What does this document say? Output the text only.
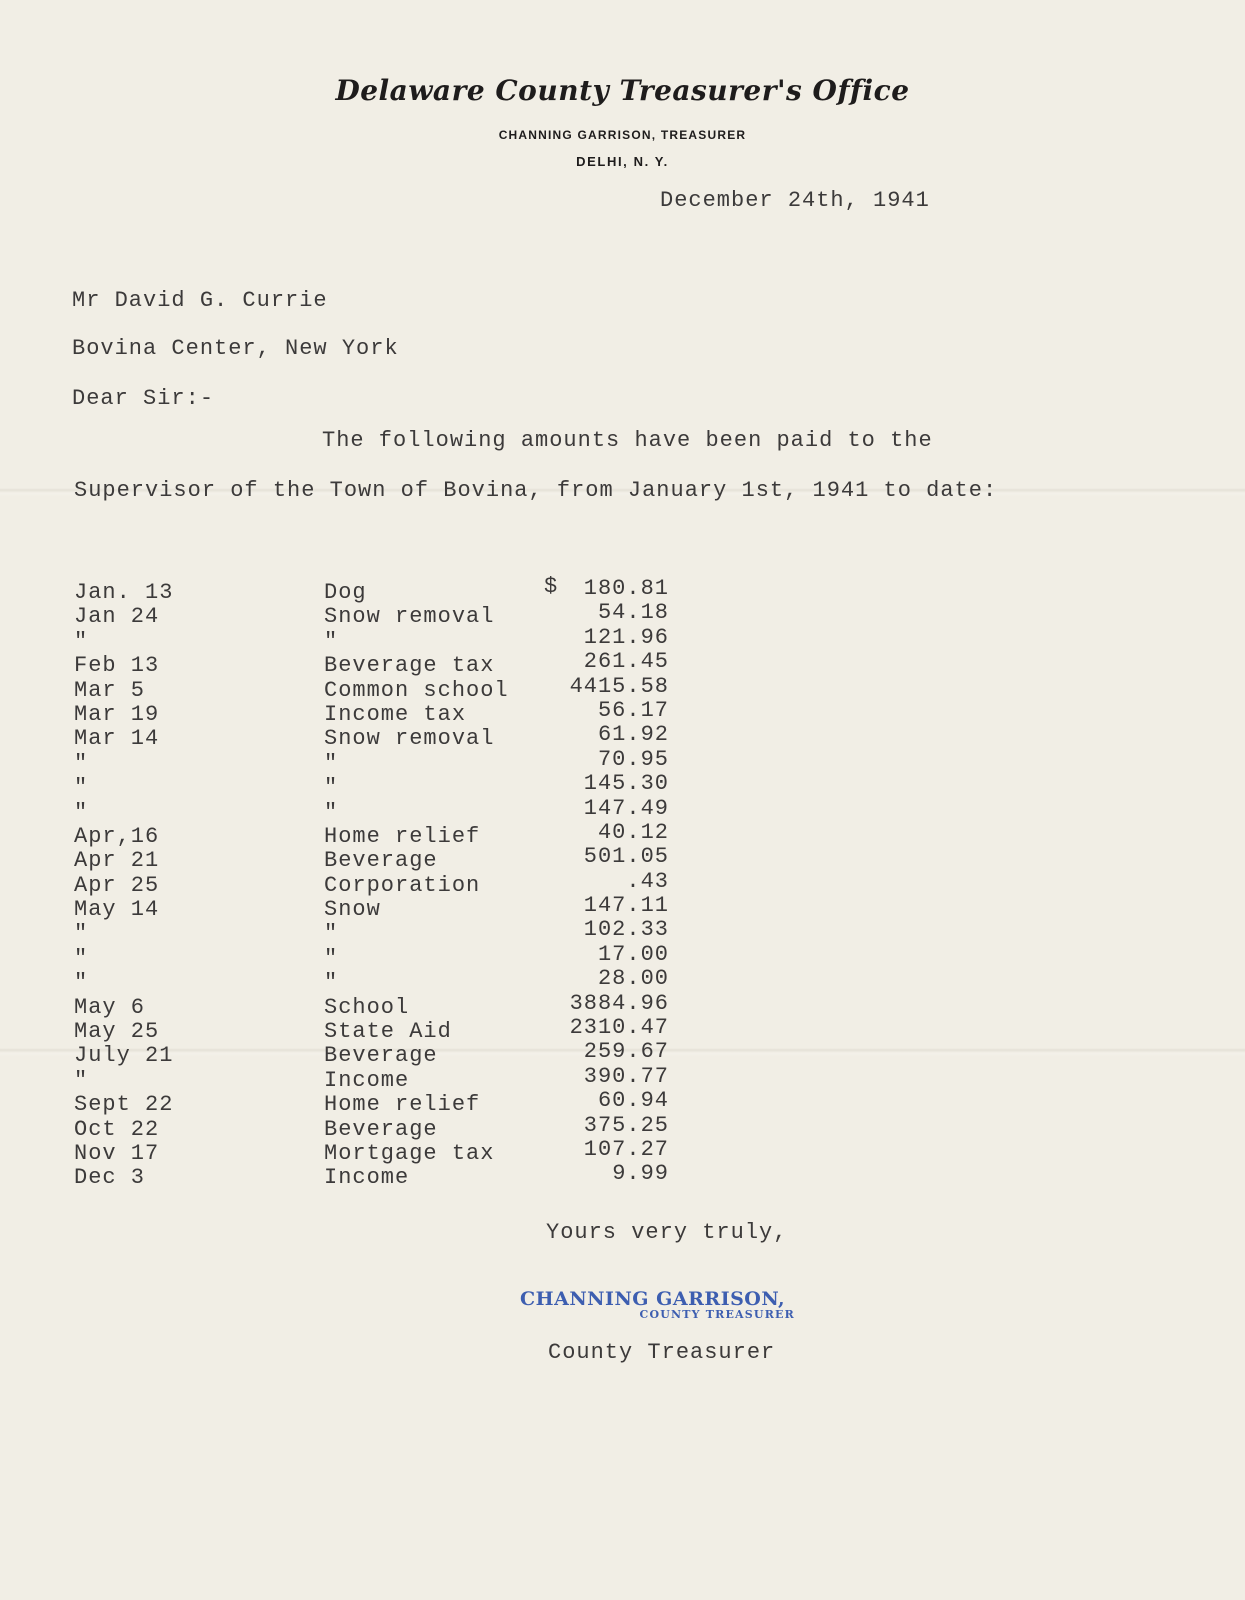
Delaware County Treasurer's Office
CHANNING GARRISON, TREASURER
DELHI, N. Y.
December 24th, 1941
Mr David G. Currie
Bovina Center, New York
Dear Sir:-
The following amounts have been paid to the
Supervisor of the Town of Bovina, from January 1st, 1941 to date:
$
Jan. 13	Dog	180.81
Jan 24	Snow removal	54.18
"	"	121.96
Feb 13	Beverage tax	261.45
Mar 5	Common school	4415.58
Mar 19	Income tax	56.17
Mar 14	Snow removal	61.92
"	"	70.95
"	"	145.30
"	"	147.49
Apr,16	Home relief	40.12
Apr 21	Beverage	501.05
Apr 25	Corporation	.43
May 14	Snow	147.11
"	"	102.33
"	"	17.00
"	"	28.00
May 6	School	3884.96
May 25	State Aid	2310.47
July 21	Beverage	259.67
"	Income	390.77
Sept 22	Home relief	60.94
Oct 22	Beverage	375.25
Nov 17	Mortgage tax	107.27
Dec 3	Income	9.99
Yours very truly,
CHANNING GARRISON,
COUNTY TREASURER
County Treasurer
